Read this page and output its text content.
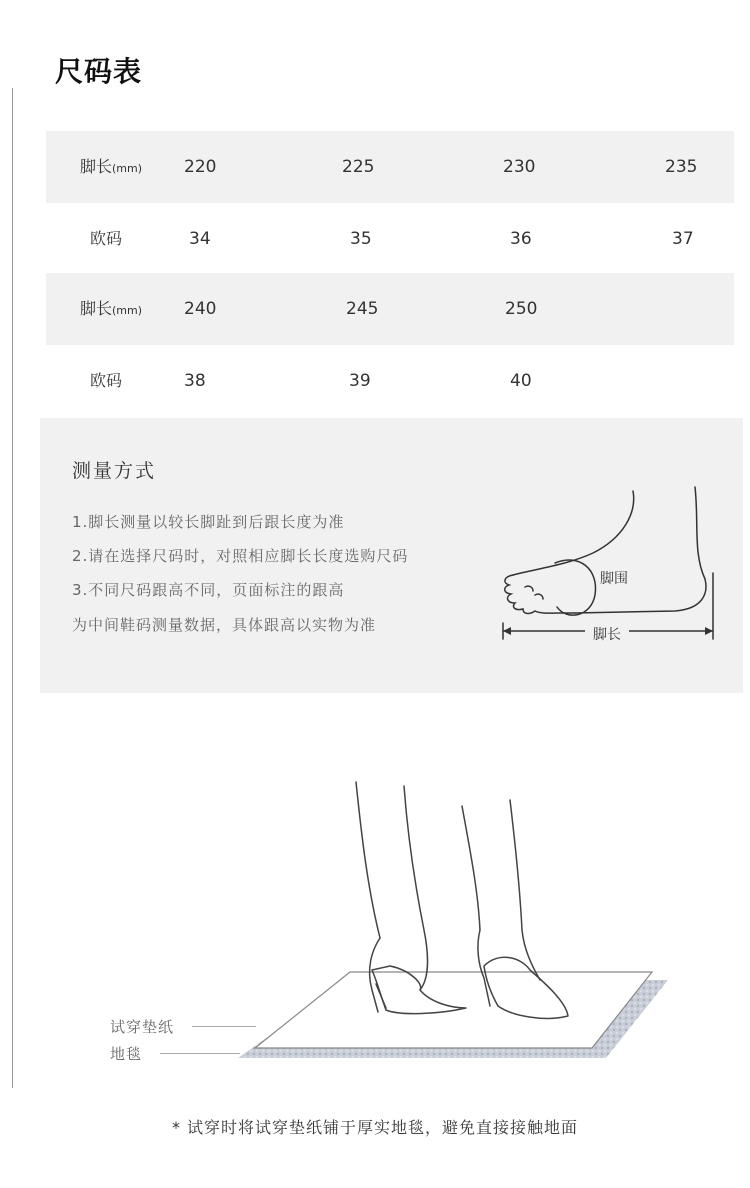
尺码表
脚长(mm) 220	225	230	235
欧码	34	35	36	37
脚长(mm) 240	245	250
欧码	38	39	40
测量方式
1.脚长测量以较长脚趾到后跟长度为准
2.请在选择尺码时，对照相应脚长长度选购尺码
3.不同尺码跟高不同，页面标注的跟高
为中间鞋码测量数据，具体跟高以实物为准
脚围
脚长
试穿垫纸
地毯
* 试穿时将试穿垫纸铺于厚实地毯，避免直接接触地面
